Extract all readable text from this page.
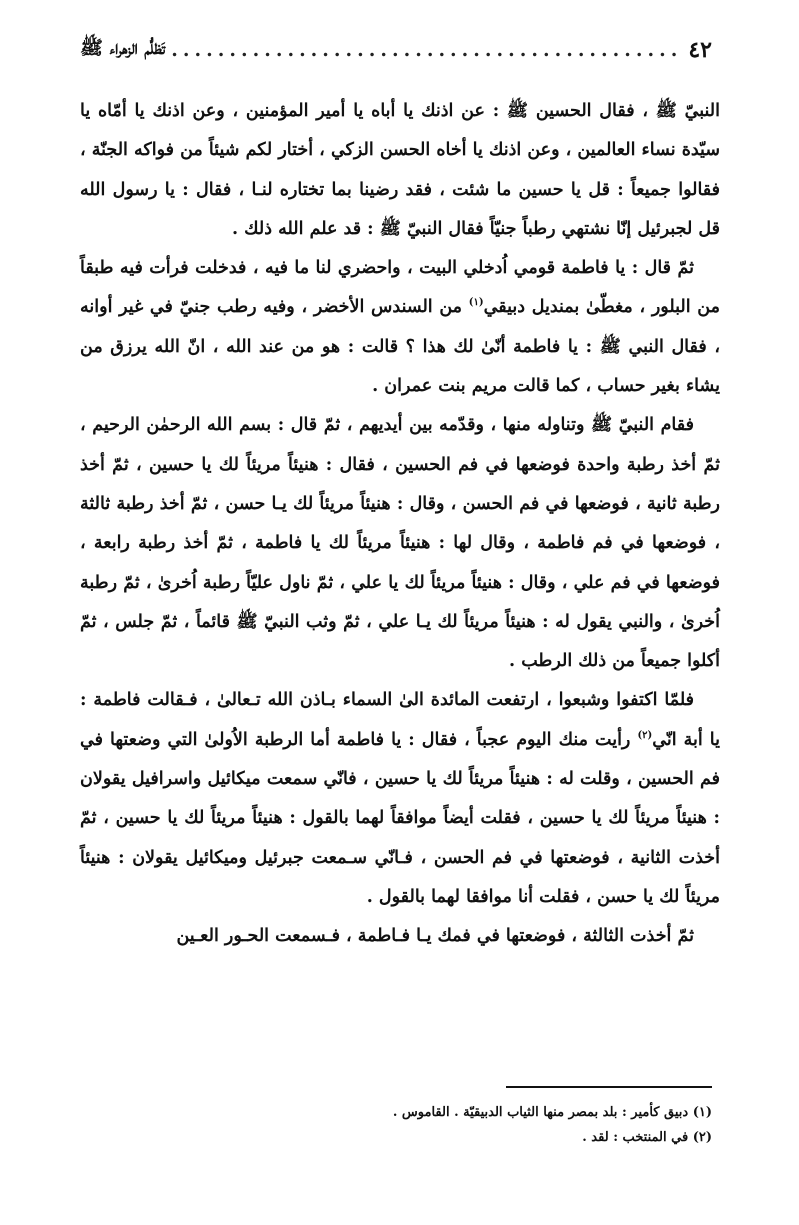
٤٢
.....
تَظلُّم الزهراء ﷺ

النبيّ ﷺ ، فقال الحسين ﷺ : عن اذنك يا أباه يا أمير المؤمنين ، وعن اذنك يا أمّاه يا سيّدة نساء العالمين ، وعن اذنك يا أخاه الحسن الزكي ، أختار لكم شيئاً من فواكه الجنّة ، فقالوا جميعاً : قل يا حسين ما شئت ، فقد رضينا بما تختاره لنـا ، فقال : يا رسول الله قل لجبرئيل إنّا نشتهي رطباً جنيّاً فقال النبيّ ﷺ : قد علم الله ذلك .

ثمّ قال : يا فاطمة قومي اُدخلي البيت ، واحضري لنا ما فيه ، فدخلت فرأت فيه طبقاً من البلور ، مغطّىٰ بمنديل دبيقي$^{(١)}$ من السندس الأخضر ، وفيه رطب جنيّ في غير أوانه ، فقال النبي ﷺ : يا فاطمة أنّىٰ لك هذا ؟ قالت : هو من عند الله ، انّ الله يرزق من يشاء بغير حساب ، كما قالت مريم بنت عمران .

فقام النبيّ ﷺ وتناوله منها ، وقدّمه بين أيديهم ، ثمّ قال : بسم الله الرحمٰن الرحيم ، ثمّ أخذ رطبة واحدة فوضعها في فم الحسين ، فقال : هنيئاً مريئاً لك يا حسين ، ثمّ أخذ رطبة ثانية ، فوضعها في فم الحسن ، وقال : هنيئاً مريئاً لك يـا حسن ، ثمّ أخذ رطبة ثالثة ، فوضعها في فم فاطمة ، وقال لها : هنيئاً مريئاً لك يا فاطمة ، ثمّ أخذ رطبة رابعة ، فوضعها في فم علي ، وقال : هنيئاً مريئاً لك يا علي ، ثمّ ناول عليّاً رطبة اُخرىٰ ، ثمّ رطبة اُخرىٰ ، والنبي يقول له : هنيئاً مريئاً لك يـا علي ، ثمّ وثب النبيّ ﷺ قائماً ، ثمّ جلس ، ثمّ أكلوا جميعاً من ذلك الرطب .

فلمّا اكتفوا وشبعوا ، ارتفعت المائدة الىٰ السماء بـاذن الله تـعالىٰ ، فـقالت فاطمة : يا أبة انّي$^{(٢)}$ رأيت منك اليوم عجباً ، فقال : يا فاطمة أما الرطبة الاُولىٰ التي وضعتها في فم الحسين ، وقلت له : هنيئاً مريئاً لك يا حسين ، فانّي سمعت ميكائيل واسرافيل يقولان : هنيئاً مريئاً لك يا حسين ، فقلت أيضاً موافقاً لهما بالقول : هنيئاً مريئاً لك يا حسين ، ثمّ أخذت الثانية ، فوضعتها في فم الحسن ، فـانّي سـمعت جبرئيل وميكائيل يقولان : هنيئاً مريئاً لك يا حسن ، فقلت أنا موافقا لهما بالقول .

ثمّ أخذت الثالثة ، فوضعتها في فمك يـا فـاطمة ، فـسمعت الحـور العـين

(١) دبيق كأمير : بلد بمصر منها الثياب الدبيقيّة . القاموس .
(٢) في المنتخب : لقد .
